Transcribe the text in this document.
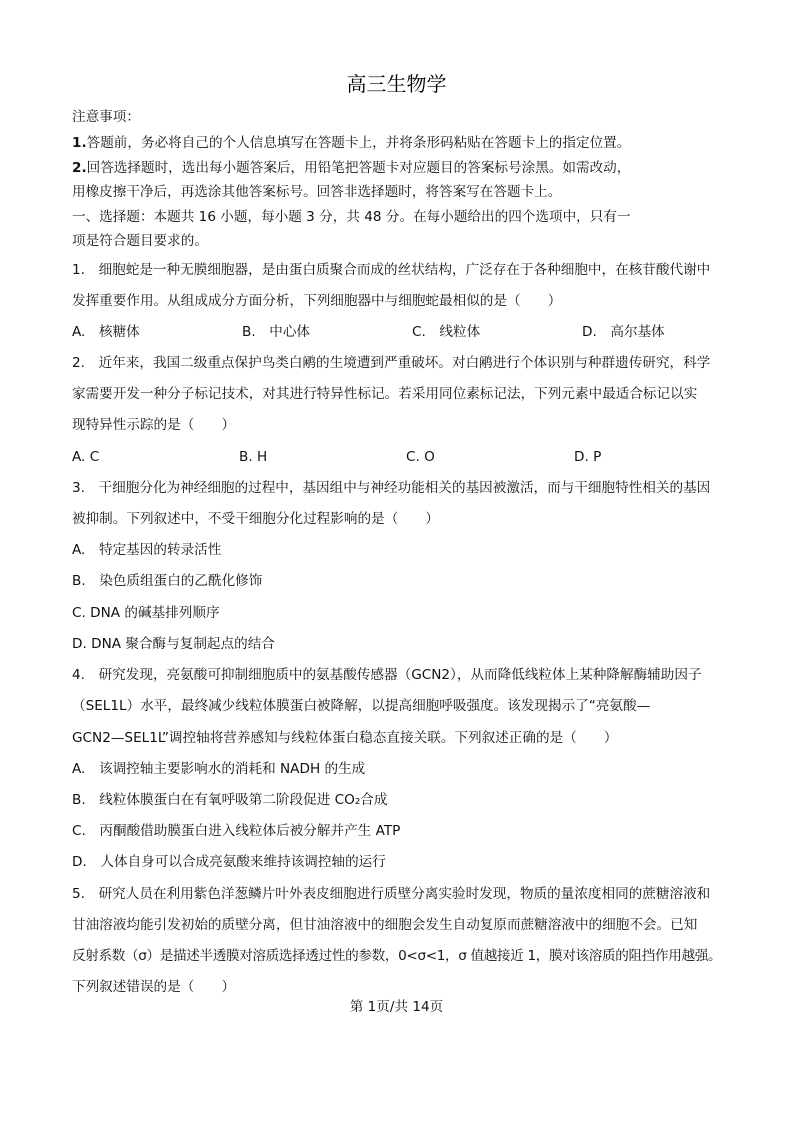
高三生物学
注意事项：
1.答题前，务必将自己的个人信息填写在答题卡上，并将条形码粘贴在答题卡上的指定位置。
2.回答选择题时，选出每小题答案后，用铅笔把答题卡对应题目的答案标号涂黑。如需改动，
用橡皮擦干净后，再选涂其他答案标号。回答非选择题时，将答案写在答题卡上。
一、选择题：本题共 16 小题，每小题 3 分，共 48 分。在每小题给出的四个选项中，只有一
项是符合题目要求的。
1.　细胞蛇是一种无膜细胞器，是由蛋白质聚合而成的丝状结构，广泛存在于各种细胞中，在核苷酸代谢中
发挥重要作用。从组成成分方面分析，下列细胞器中与细胞蛇最相似的是（　　）
A.　核糖体	B.　中心体	C.　线粒体	D.　高尔基体
2.　近年来，我国二级重点保护鸟类白鹇的生境遭到严重破坏。对白鹇进行个体识别与种群遗传研究，科学
家需要开发一种分子标记技术，对其进行特异性标记。若采用同位素标记法，下列元素中最适合标记以实
现特异性示踪的是（　　）
A. C	B. H	C. O	D. P
3.　干细胞分化为神经细胞的过程中，基因组中与神经功能相关的基因被激活，而与干细胞特性相关的基因
被抑制。下列叙述中，不受干细胞分化过程影响的是（　　）
A.　特定基因的转录活性
B.　染色质组蛋白的乙酰化修饰
C. DNA 的碱基排列顺序
D. DNA 聚合酶与复制起点的结合
4.　研究发现，亮氨酸可抑制细胞质中的氨基酸传感器（GCN2），从而降低线粒体上某种降解酶辅助因子
（SEL1L）水平，最终减少线粒体膜蛋白被降解，以提高细胞呼吸强度。该发现揭示了“亮氨酸—
GCN2—SEL1L”调控轴将营养感知与线粒体蛋白稳态直接关联。下列叙述正确的是（　　）
A.　该调控轴主要影响水的消耗和 NADH 的生成
B.　线粒体膜蛋白在有氧呼吸第二阶段促进 CO₂合成
C.　丙酮酸借助膜蛋白进入线粒体后被分解并产生 ATP
D.　人体自身可以合成亮氨酸来维持该调控轴的运行
5.　研究人员在利用紫色洋葱鳞片叶外表皮细胞进行质壁分离实验时发现，物质的量浓度相同的蔗糖溶液和
甘油溶液均能引发初始的质壁分离，但甘油溶液中的细胞会发生自动复原而蔗糖溶液中的细胞不会。已知
反射系数（σ）是描述半透膜对溶质选择透过性的参数，0<σ<1，σ 值越接近 1，膜对该溶质的阻挡作用越强。
下列叙述错误的是（　　）
第 1页/共 14页
